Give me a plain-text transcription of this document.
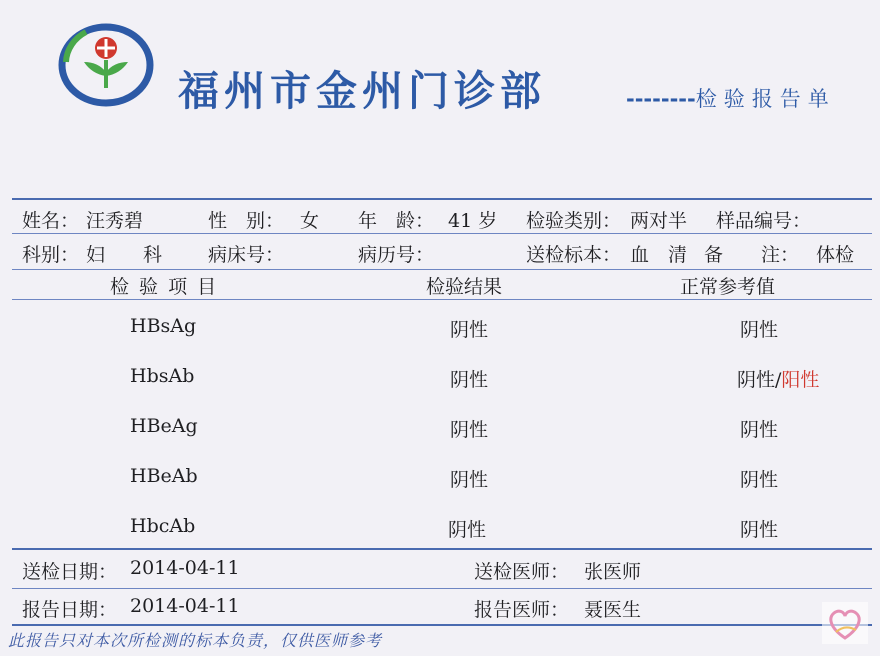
福州市金州门诊部	--------检验报告单
姓名： 汪秀碧	性　别： 女 年　龄： 41 岁 检验类别： 两对半 样品编号：
科别： 妇　　科 病床号：	病历号：	送检标本： 血　清 备　　注： 体检
检 验 项 目	检验结果	正常参考值
HBsAg	阴性	阴性
HbsAb	阴性	阴性/阳性
HBeAg	阴性	阴性
HBeAb	阴性	阴性
HbcAb	阴性	阴性
送检日期： 2014-04-11	送检医师： 张医师
报告日期： 2014-04-11	报告医师： 聂医生
此报告只对本次所检测的标本负责，仅供医师参考
